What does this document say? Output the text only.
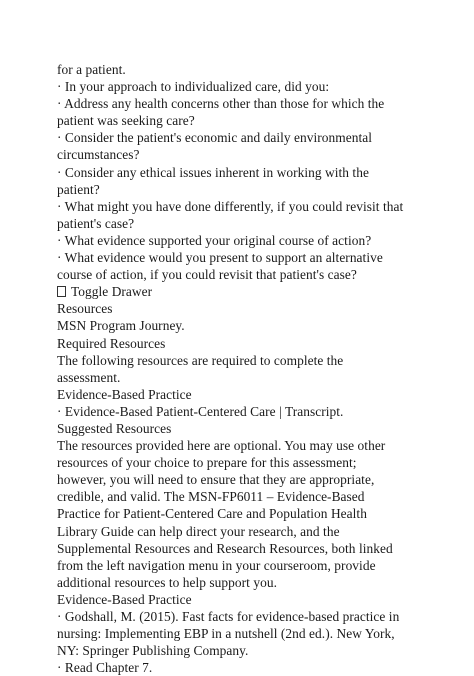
for a patient.
· In your approach to individualized care, did you:
· Address any health concerns other than those for which the
patient was seeking care?
· Consider the patient's economic and daily environmental
circumstances?
· Consider any ethical issues inherent in working with the
patient?
· What might you have done differently, if you could revisit that
patient's case?
· What evidence supported your original course of action?
· What evidence would you present to support an alternative
course of action, if you could revisit that patient's case?
Toggle Drawer
Resources
MSN Program Journey.
Required Resources
The following resources are required to complete the
assessment.
Evidence-Based Practice
· Evidence-Based Patient-Centered Care | Transcript.
Suggested Resources
The resources provided here are optional. You may use other
resources of your choice to prepare for this assessment;
however, you will need to ensure that they are appropriate,
credible, and valid. The MSN-FP6011 – Evidence-Based
Practice for Patient-Centered Care and Population Health
Library Guide can help direct your research, and the
Supplemental Resources and Research Resources, both linked
from the left navigation menu in your courseroom, provide
additional resources to help support you.
Evidence-Based Practice
· Godshall, M. (2015). Fast facts for evidence-based practice in
nursing: Implementing EBP in a nutshell (2nd ed.). New York,
NY: Springer Publishing Company.
· Read Chapter 7.
